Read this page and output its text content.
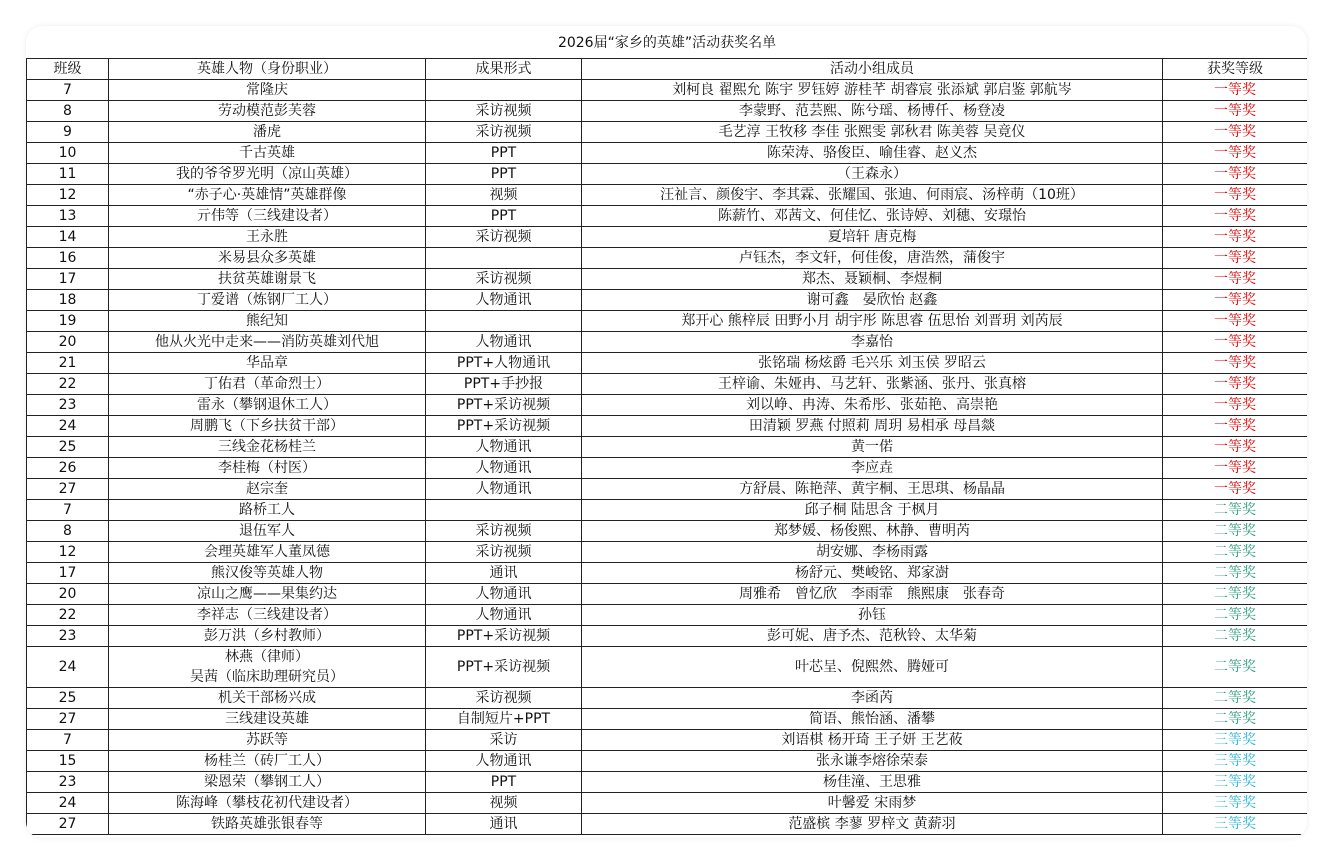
2026届“家乡的英雄”活动获奖名单				
班级	英雄人物（身份职业）	成果形式	活动小组成员	获奖等级
7	常隆庆		刘柯良 翟熙允 陈宇 罗钰婷 游桂芊 胡睿宸 张添斌 郭启鉴 郭航岑	一等奖
8	劳动模范彭芙蓉	采访视频	李蒙野、范芸熙、陈兮瑶、杨博仟、杨登凌	一等奖
9	潘虎	采访视频	毛艺淳 王牧移 李佳 张熙雯 郭秋君 陈美蓉 吴竟仪	一等奖
10	千古英雄	PPT	陈荣涛、骆俊臣、喻佳睿、赵义杰	一等奖
11	我的爷爷罗光明（凉山英雄）	PPT	（王森永）	一等奖
12	“赤子心·英雄情”英雄群像	视频	汪祉言、颜俊宇、李其霖、张耀国、张迪、何雨宸、汤梓萌（10班）	一等奖
13	亓伟等（三线建设者）	PPT	陈薪竹、邓茜文、何佳忆、张诗婷、刘穗、安璟怡	一等奖
14	王永胜	采访视频	夏培轩 唐克梅	一等奖
16	米易县众多英雄		卢钰杰，李文轩，何佳俊，唐浩然，蒲俊宇	一等奖
17	扶贫英雄谢景飞	采访视频	郑杰、聂颖桐、李煜桐	一等奖
18	丁爱谱（炼钢厂工人）	人物通讯	谢可鑫　晏欣怡 赵鑫	一等奖
19	熊纪知		郑开心 熊梓辰 田野小月 胡宇彤 陈思睿 伍思怡 刘晋玥 刘芮辰	一等奖
20	他从火光中走来——消防英雄刘代旭	人物通讯	李嘉怡	一等奖
21	华品章	PPT+人物通讯	张铭瑞 杨炫爵 毛兴乐 刘玉侯 罗昭云	一等奖
22	丁佑君（革命烈士）	PPT+手抄报	王梓谕、朱娅冉、马艺轩、张紫涵、张丹、张真榕	一等奖
23	雷永（攀钢退休工人）	PPT+采访视频	刘以峥、冉涛、朱希彤、张茹艳、高崇艳	一等奖
24	周鹏飞（下乡扶贫干部）	PPT+采访视频	田清颖 罗燕 付照莉 周玥 易相承 母昌燚	一等奖
25	三线金花杨桂兰	人物通讯	黄一偌	一等奖
26	李桂梅（村医）	人物通讯	李应垚	一等奖
27	赵宗奎	人物通讯	方舒晨、陈艳萍、黄宇桐、王思琪、杨晶晶	一等奖
7	路桥工人		邱子桐 陆思含 于枫月	二等奖
8	退伍军人	采访视频	郑梦媛、杨俊熙、林静、曹明芮	二等奖
12	会理英雄军人董凤德	采访视频	胡安娜、李杨雨露	二等奖
17	熊汉俊等英雄人物	通讯	杨舒元、樊峻铭、郑家澍	二等奖
20	凉山之鹰——果集约达	人物通讯	周雅希　曾忆欣　李雨霏　熊熙康　张春奇	二等奖
22	李祥志（三线建设者）	人物通讯	孙钰	二等奖
23	彭万洪（乡村教师）	PPT+采访视频	彭可妮、唐予杰、范秋铃、太华菊	二等奖
24	林燕（律师）
吴茜（临床助理研究员）	PPT+采访视频	叶芯呈、倪熙然、腾娅可	二等奖
25	机关干部杨兴成	采访视频	李函芮	二等奖
27	三线建设英雄	自制短片+PPT	简语、熊怡涵、潘攀	二等奖
7	苏跃等	采访	刘语棋 杨开琦 王子妍 王艺莜	三等奖
15	杨桂兰（砖厂工人）	人物通讯	张永谦李熔徐荣泰	三等奖
23	梁恩荣（攀钢工人）	PPT	杨佳潼、王思雅	三等奖
24	陈海峰（攀枝花初代建设者）	视频	叶馨爱 宋雨梦	三等奖
27	铁路英雄张银春等	通讯	范盛槟 李蓼 罗梓文 黄薪羽	三等奖
